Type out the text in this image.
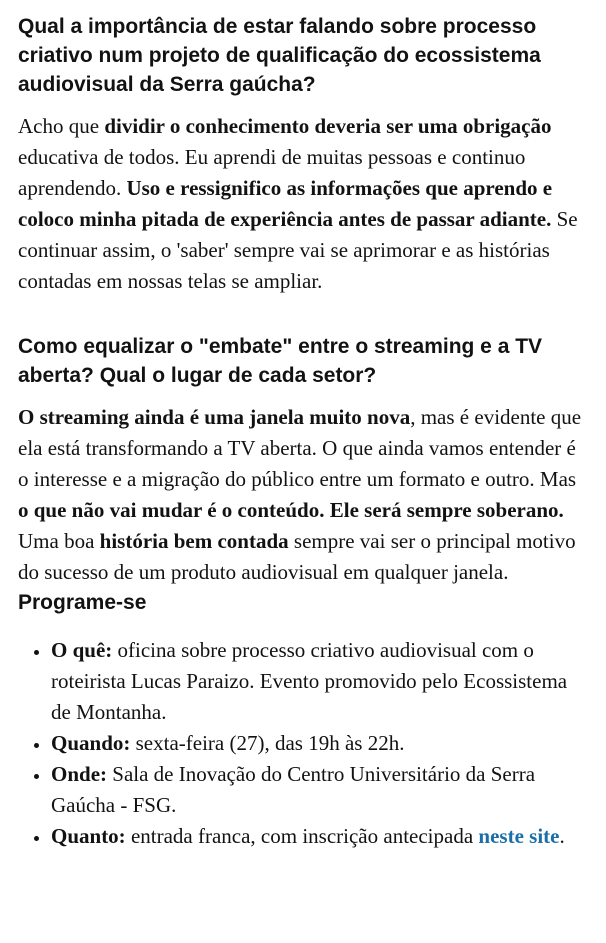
Qual a importância de estar falando sobre processo criativo num projeto de qualificação do ecossistema audiovisual da Serra gaúcha?

Acho que dividir o conhecimento deveria ser uma obrigação educativa de todos. Eu aprendi de muitas pessoas e continuo aprendendo. Uso e ressignifico as informações que aprendo e coloco minha pitada de experiência antes de passar adiante. Se continuar assim, o 'saber' sempre vai se aprimorar e as histórias contadas em nossas telas se ampliar.

Como equalizar o "embate" entre o streaming e a TV aberta? Qual o lugar de cada setor?

O streaming ainda é uma janela muito nova, mas é evidente que ela está transformando a TV aberta. O que ainda vamos entender é o interesse e a migração do público entre um formato e outro. Mas o que não vai mudar é o conteúdo. Ele será sempre soberano. Uma boa história bem contada sempre vai ser o principal motivo do sucesso de um produto audiovisual em qualquer janela.

Programe-se
• O quê: oficina sobre processo criativo audiovisual com o roteirista Lucas Paraizo. Evento promovido pelo Ecossistema de Montanha.
• Quando: sexta-feira (27), das 19h às 22h.
• Onde: Sala de Inovação do Centro Universitário da Serra Gaúcha - FSG.
• Quanto: entrada franca, com inscrição antecipada neste site.
